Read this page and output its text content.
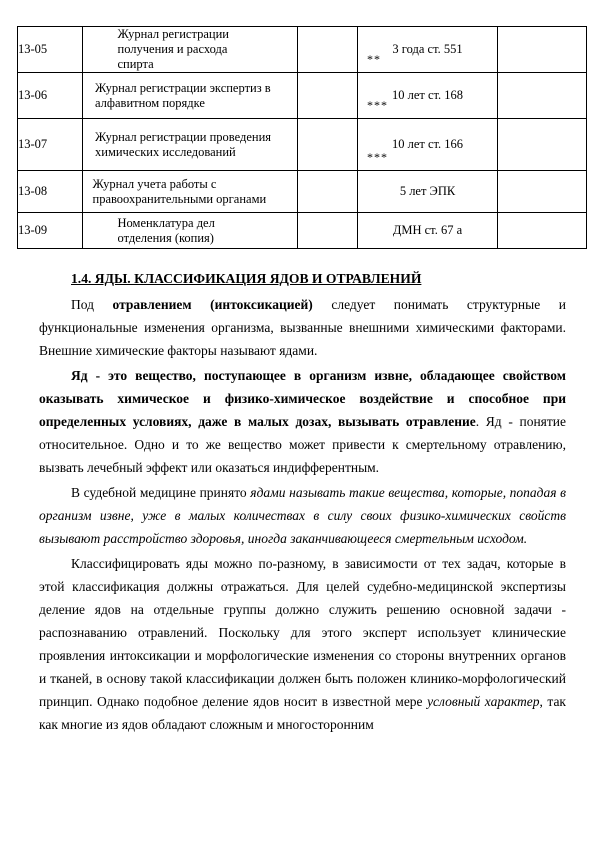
13-05	Журнал регистрации получения и расхода спирта		3 года ст. 551
**	

13-06	Журнал регистрации экспертиз в алфавитном порядке		10 лет ст. 168
***	

13-07	Журнал регистрации проведения химических исследований		10 лет ст. 166
***	

13-08	Журнал учета работы с правоохранительными органами		5 лет ЭПК	

13-09	Номенклатура дел отделения (копия)		ДМН ст. 67 а	

1.4. ЯДЫ. КЛАССИФИКАЦИЯ ЯДОВ И ОТРАВЛЕНИЙ

Под отравлением (интоксикацией) следует понимать структурные и функциональные изменения организма, вызванные внешними химическими факторами. Внешние химические факторы называют ядами.

Яд - это вещество, поступающее в организм извне, обладающее свойством оказывать химическое и физико-химическое воздействие и способное при определенных условиях, даже в малых дозах, вызывать отравление. Яд - понятие относительное. Одно и то же вещество может привести к смертельному отравлению, вызвать лечебный эффект или оказаться индифферентным.

В судебной медицине принято ядами называть такие вещества, которые, попадая в организм извне, уже в малых количествах в силу своих физико-химических свойств вызывают расстройство здоровья, иногда заканчивающееся смертельным исходом.

Классифицировать яды можно по-разному, в зависимости от тех задач, которые в этой классификация должны отражаться. Для целей судебно-медицинской экспертизы деление ядов на отдельные группы должно служить решению основной задачи - распознаванию отравлений. Поскольку для этого эксперт использует клинические проявления интоксикации и морфологические изменения со стороны внутренних органов и тканей, в основу такой классификации должен быть положен клинико-морфологический принцип. Однако подобное деление ядов носит в известной мере условный характер, так как многие из ядов обладают сложным и многосторонним
